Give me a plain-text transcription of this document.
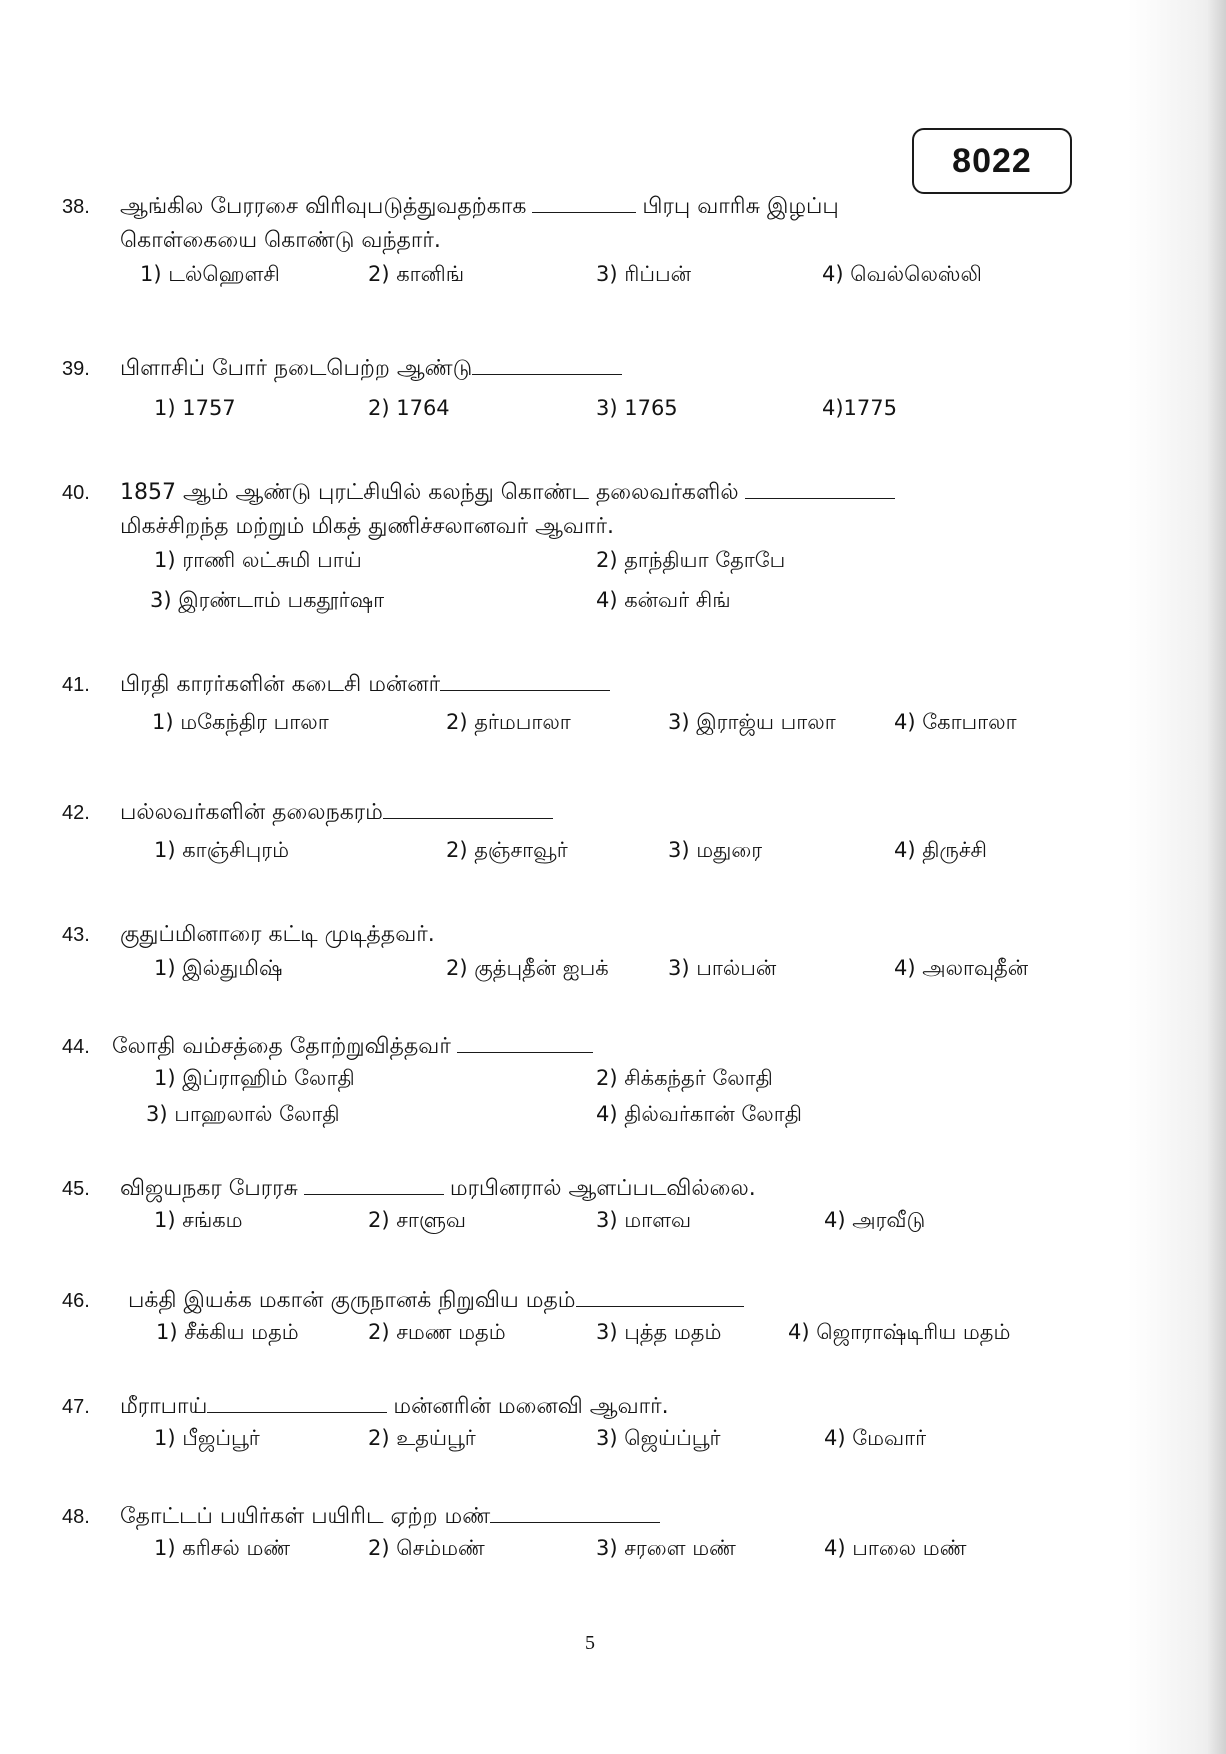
8022
38.	ஆங்கில பேரரசை விரிவுபடுத்துவதற்காக	பிரபு வாரிசு இழப்பு
கொள்கையை கொண்டு வந்தார்.
1) டல்ஹெளசி	2) கானிங்	3) ரிப்பன்	4) வெல்லெஸ்லி
39.	பிளாசிப் போர் நடைபெற்ற ஆண்டு
1) 1757	2) 1764	3) 1765	4)1775
40.	1857 ஆம் ஆண்டு புரட்சியில் கலந்து கொண்ட தலைவர்களில்
மிகச்சிறந்த மற்றும் மிகத் துணிச்சலானவர் ஆவார்.
1) ராணி லட்சுமி பாய்	2) தாந்தியா தோபே
3) இரண்டாம் பகதூர்ஷா	4) கன்வர் சிங்
41.	பிரதி காரர்களின் கடைசி மன்னர்
1) மகேந்திர பாலா	2) தர்மபாலா	3) இராஜ்ய பாலா	4) கோபாலா
42.	பல்லவர்களின் தலைநகரம்
1) காஞ்சிபுரம்	2) தஞ்சாவூர்	3) மதுரை	4) திருச்சி
43.	குதுப்மினாரை கட்டி முடித்தவர்.
1) இல்துமிஷ்	2) குத்புதீன் ஐபக்	3) பால்பன்	4) அலாவுதீன்
44.	லோதி வம்சத்தை தோற்றுவித்தவர்
1) இப்ராஹிம் லோதி	2) சிக்கந்தர் லோதி
3) பாஹலால் லோதி	4) தில்வர்கான் லோதி
45.	விஜயநகர பேரரசு	மரபினரால் ஆளப்படவில்லை.
1) சங்கம	2) சாளுவ	3) மாளவ	4) அரவீடு
46.	பக்தி இயக்க மகான் குருநானக் நிறுவிய மதம்
1) சீக்கிய மதம்	2) சமண மதம்	3) புத்த மதம்	4) ஜொராஷ்டிரிய மதம்
47.	மீராபாய்	மன்னரின் மனைவி ஆவார்.
1) பீஜப்பூர்	2) உதய்பூர்	3) ஜெய்ப்பூர்	4) மேவார்
48.	தோட்டப் பயிர்கள் பயிரிட ஏற்ற மண்
1) கரிசல் மண்	2) செம்மண்	3) சரளை மண்	4) பாலை மண்
5
